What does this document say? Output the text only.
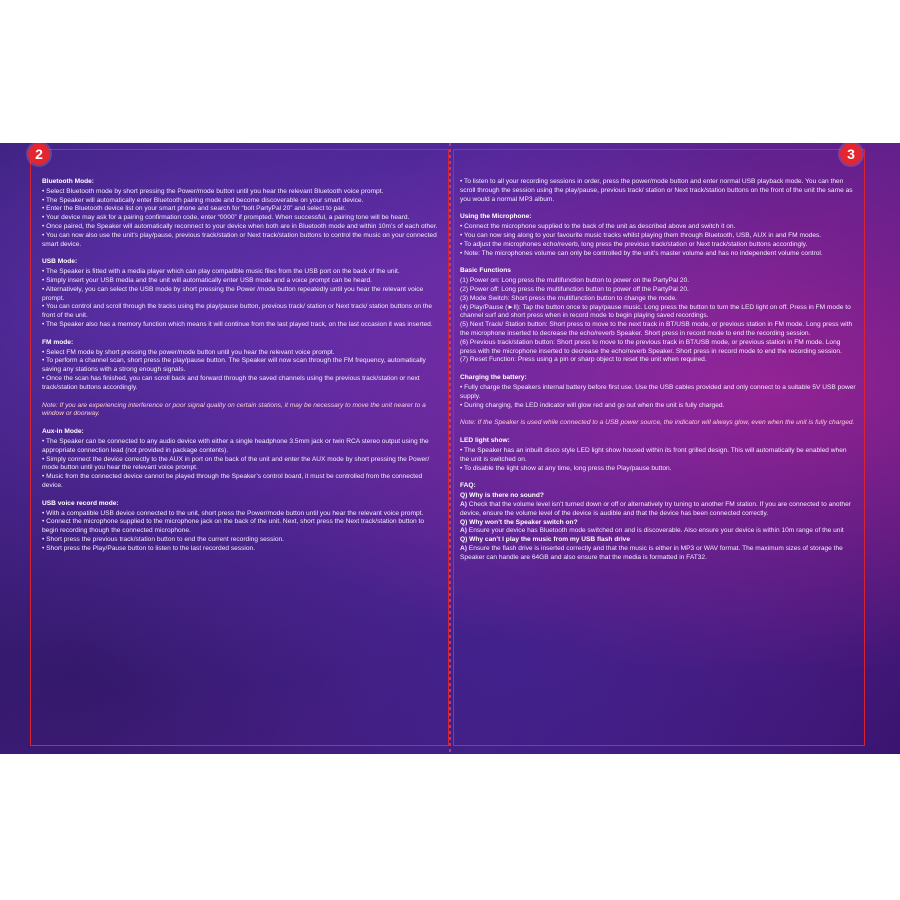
2	3
Bluetooth Mode:

• Select Bluetooth mode by short pressing the Power/mode button until you hear the relevant Bluetooth voice prompt.

• The Speaker will automatically enter Bluetooth pairing mode and become discoverable on your smart device.

• Enter the Bluetooth device list on your smart phone and search for “bolt PartyPal 20” and select to pair.

• Your device may ask for a pairing confirmation code, enter “0000” if prompted. When successful, a pairing tone will be heard.

• Once paired, the Speaker will automatically reconnect to your device when both are in Bluetooth mode and within 10m’s of each other.

• You can now also use the unit’s play/pause, previous track/station or Next track/station buttons to control the music on your connected smart device.

USB Mode:

• The Speaker is fitted with a media player which can play compatible music files from the USB port on the back of the unit.

• Simply insert your USB media and the unit will automatically enter USB mode and a voice prompt can be heard.

• Alternatively, you can select the USB mode by short pressing the Power /mode button repeatedly until you hear the relevant voice prompt.

• You can control and scroll through the tracks using the play/pause button, previous track/ station or Next track/ station buttons on the front of the unit.

• The Speaker also has a memory function which means it will continue from the last played track, on the last occasion it was inserted.

FM mode:

• Select FM mode by short pressing the power/mode button until you hear the relevant voice prompt.

• To perform a channel scan, short press the play/pause button. The Speaker will now scan through the FM frequency, automatically saving any stations with a strong enough signals.

• Once the scan has finished, you can scroll back and forward through the saved channels using the previous track/station or next track/station buttons accordingly.

Note: If you are experiencing interference or poor signal quality on certain stations, it may be necessary to move the unit nearer to a window or doorway.
Aux-in Mode:

• The Speaker can be connected to any audio device with either a single headphone 3.5mm jack or twin RCA stereo output using the appropriate connection lead (not provided in package contents).

• Simply connect the device correctly to the AUX in port on the back of the unit and enter the AUX mode by short pressing the Power/ mode button until you hear the relevant voice prompt.

• Music from the connected device cannot be played through the Speaker’s control board, it must be controlled from the connected device.

USB voice record mode:

• With a compatible USB device connected to the unit, short press the Power/mode button until you hear the relevant voice prompt.

• Connect the microphone supplied to the microphone jack on the back of the unit. Next, short press the Next track/station button to begin recording though the connected microphone.

• Short press the previous track/station button to end the current recording session.

• Short press the Play/Pause button to listen to the last recorded session.

• To listen to all your recording sessions in order, press the power/mode button and enter normal USB playback mode. You can then scroll through the session using the play/pause, previous track/ station or Next track/station buttons on the front of the unit the same as you would a normal MP3 album.

Using the Microphone:

• Connect the microphone supplied to the back of the unit as described above and switch it on.

• You can now sing along to your favourite music tracks whilst playing them through Bluetooth, USB, AUX in and FM modes.

• To adjust the microphones echo/reverb, long press the previous track/station or Next track/station buttons accordingly.

• Note: The microphones volume can only be controlled by the unit’s master volume and has no independent volume control.

Basic Functions

(1) Power on: Long press the multifunction button to power on the PartyPal 20.

(2) Power off: Long press the multifunction button to power off the PartyPal 20.

(3) Mode Switch: Short press the multifunction button to change the mode.

(4) Play/Pause (►ll): Tap the button once to play/pause music. Long press the button to turn the LED light on off. Press in FM mode to channel surf and short press when in record mode to begin playing saved recordings.

(5) Next Track/ Station button: Short press to move to the next track in BT/USB mode, or previous station in FM mode. Long press with the microphone inserted to decrease the echo/reverb Speaker. Short press in record mode to end the recording session.

(6) Previous track/station button: Short press to move to the previous track in BT/USB mode, or previous station in FM mode. Long press with the microphone inserted to decrease the echo/reverb Speaker. Short press in record mode to end the recording session.

(7) Reset Function: Press using a pin or sharp object to reset the unit when required.

Charging the battery:

• Fully charge the Speakers internal battery before first use. Use the USB cables provided and only connect to a suitable 5V USB power supply.

• During charging, the LED indicator will glow red and go out when the unit is fully charged.

Note: If the Speaker is used while connected to a USB power source, the indicator will always glow, even when the unit is fully charged.
LED light show:

• The Speaker has an inbuilt disco style LED light show housed within its front grilled design. This will automatically be enabled when the unit is switched on.

• To disable the light show at any time, long press the Play/pause button.

FAQ:
Q) Why is there no sound?
A) Check that the volume level isn’t turned down or off or alternatively try tuning to another FM station. If you are connected to another device, ensure the volume level of the device is audible and that the device has been connected correctly.
Q) Why won’t the Speaker switch on?
A) Ensure your device has Bluetooth mode switched on and is discoverable. Also ensure your device is within 10m range of the unit
Q) Why can’t I play the music from my USB flash drive
A) Ensure the flash drive is inserted correctly and that the music is either in MP3 or WAV format. The maximum sizes of storage the Speaker can handle are 64GB and also ensure that the media is formatted in FAT32.
